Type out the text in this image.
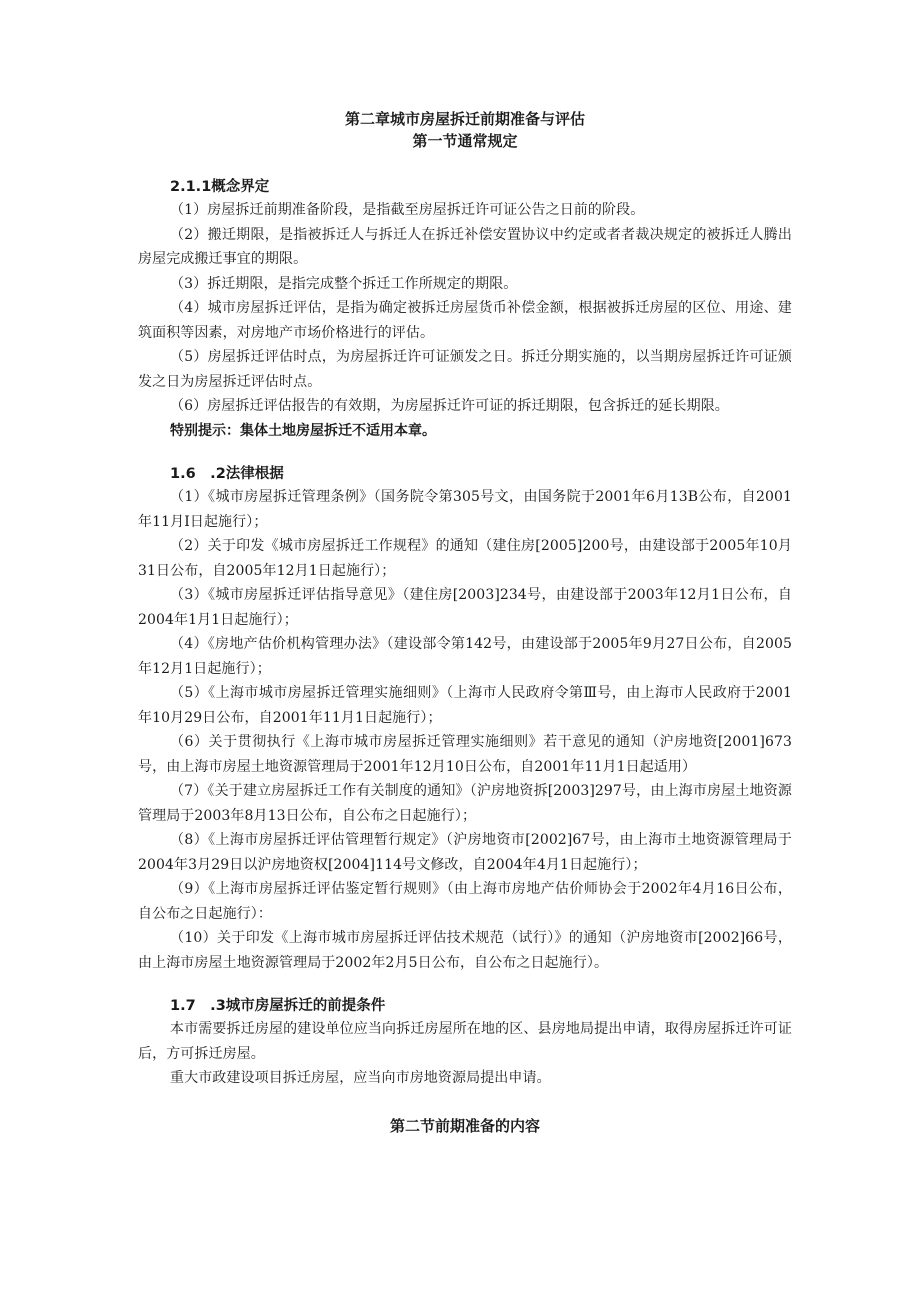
第二章城市房屋拆迁前期准备与评估

第一节通常规定

2.1.1概念界定

（1）房屋拆迁前期准备阶段，是指截至房屋拆迁许可证公告之日前的阶段。

（2）搬迁期限，是指被拆迁人与拆迁人在拆迁补偿安置协议中约定或者者裁决规定的被拆迁人腾出房屋完成搬迁事宜的期限。

（3）拆迁期限，是指完成整个拆迁工作所规定的期限。

（4）城市房屋拆迁评估，是指为确定被拆迁房屋货币补偿金额，根据被拆迁房屋的区位、用途、建筑面积等因素，对房地产市场价格进行的评估。

（5）房屋拆迁评估时点，为房屋拆迁许可证颁发之日。拆迁分期实施的，以当期房屋拆迁许可证颁发之日为房屋拆迁评估时点。

（6）房屋拆迁评估报告的有效期，为房屋拆迁许可证的拆迁期限，包含拆迁的延长期限。

特别提示：集体土地房屋拆迁不适用本章。

1.6　.2法律根据

（1）《城市房屋拆迁管理条例》（国务院令第305号文，由国务院于2001年6月13B公布，自2001年11月I日起施行）；

（2）关于印发《城市房屋拆迁工作规程》的通知（建住房[2005]200号，由建设部于2005年10月31日公布，自2005年12月1日起施行）；

（3）《城市房屋拆迁评估指导意见》（建住房[2003]234号，由建设部于2003年12月1日公布，自2004年1月1日起施行）；

（4）《房地产估价机构管理办法》（建设部令第142号，由建设部于2005年9月27日公布，自2005年12月1日起施行）；

（5）《上海市城市房屋拆迁管理实施细则》（上海市人民政府令第Ⅲ号，由上海市人民政府于2001年10月29日公布，自2001年11月1日起施行）；

（6）关于贯彻执行《上海市城市房屋拆迁管理实施细则》若干意见的通知（沪房地资[2001]673号，由上海市房屋土地资源管理局于2001年12月10日公布，自2001年11月1日起适用）

（7）《关于建立房屋拆迁工作有关制度的通知》（沪房地资拆[2003]297号，由上海市房屋土地资源管理局于2003年8月13日公布，自公布之日起施行）；

（8）《上海市房屋拆迁评估管理暂行规定》（沪房地资市[2002]67号，由上海市土地资源管理局于2004年3月29日以沪房地资权[2004]114号文修改，自2004年4月1日起施行）；

（9）《上海市房屋拆迁评估鉴定暂行规则》（由上海市房地产估价师协会于2002年4月16日公布，自公布之日起施行）：

（10）关于印发《上海市城市房屋拆迁评估技术规范（试行）》的通知（沪房地资市[2002]66号，由上海市房屋土地资源管理局于2002年2月5日公布，自公布之日起施行）。

1.7　.3城市房屋拆迁的前提条件

本市需要拆迁房屋的建设单位应当向拆迁房屋所在地的区、县房地局提出申请，取得房屋拆迁许可证后，方可拆迁房屋。

重大市政建设项目拆迁房屋，应当向市房地资源局提出申请。

第二节前期准备的内容
